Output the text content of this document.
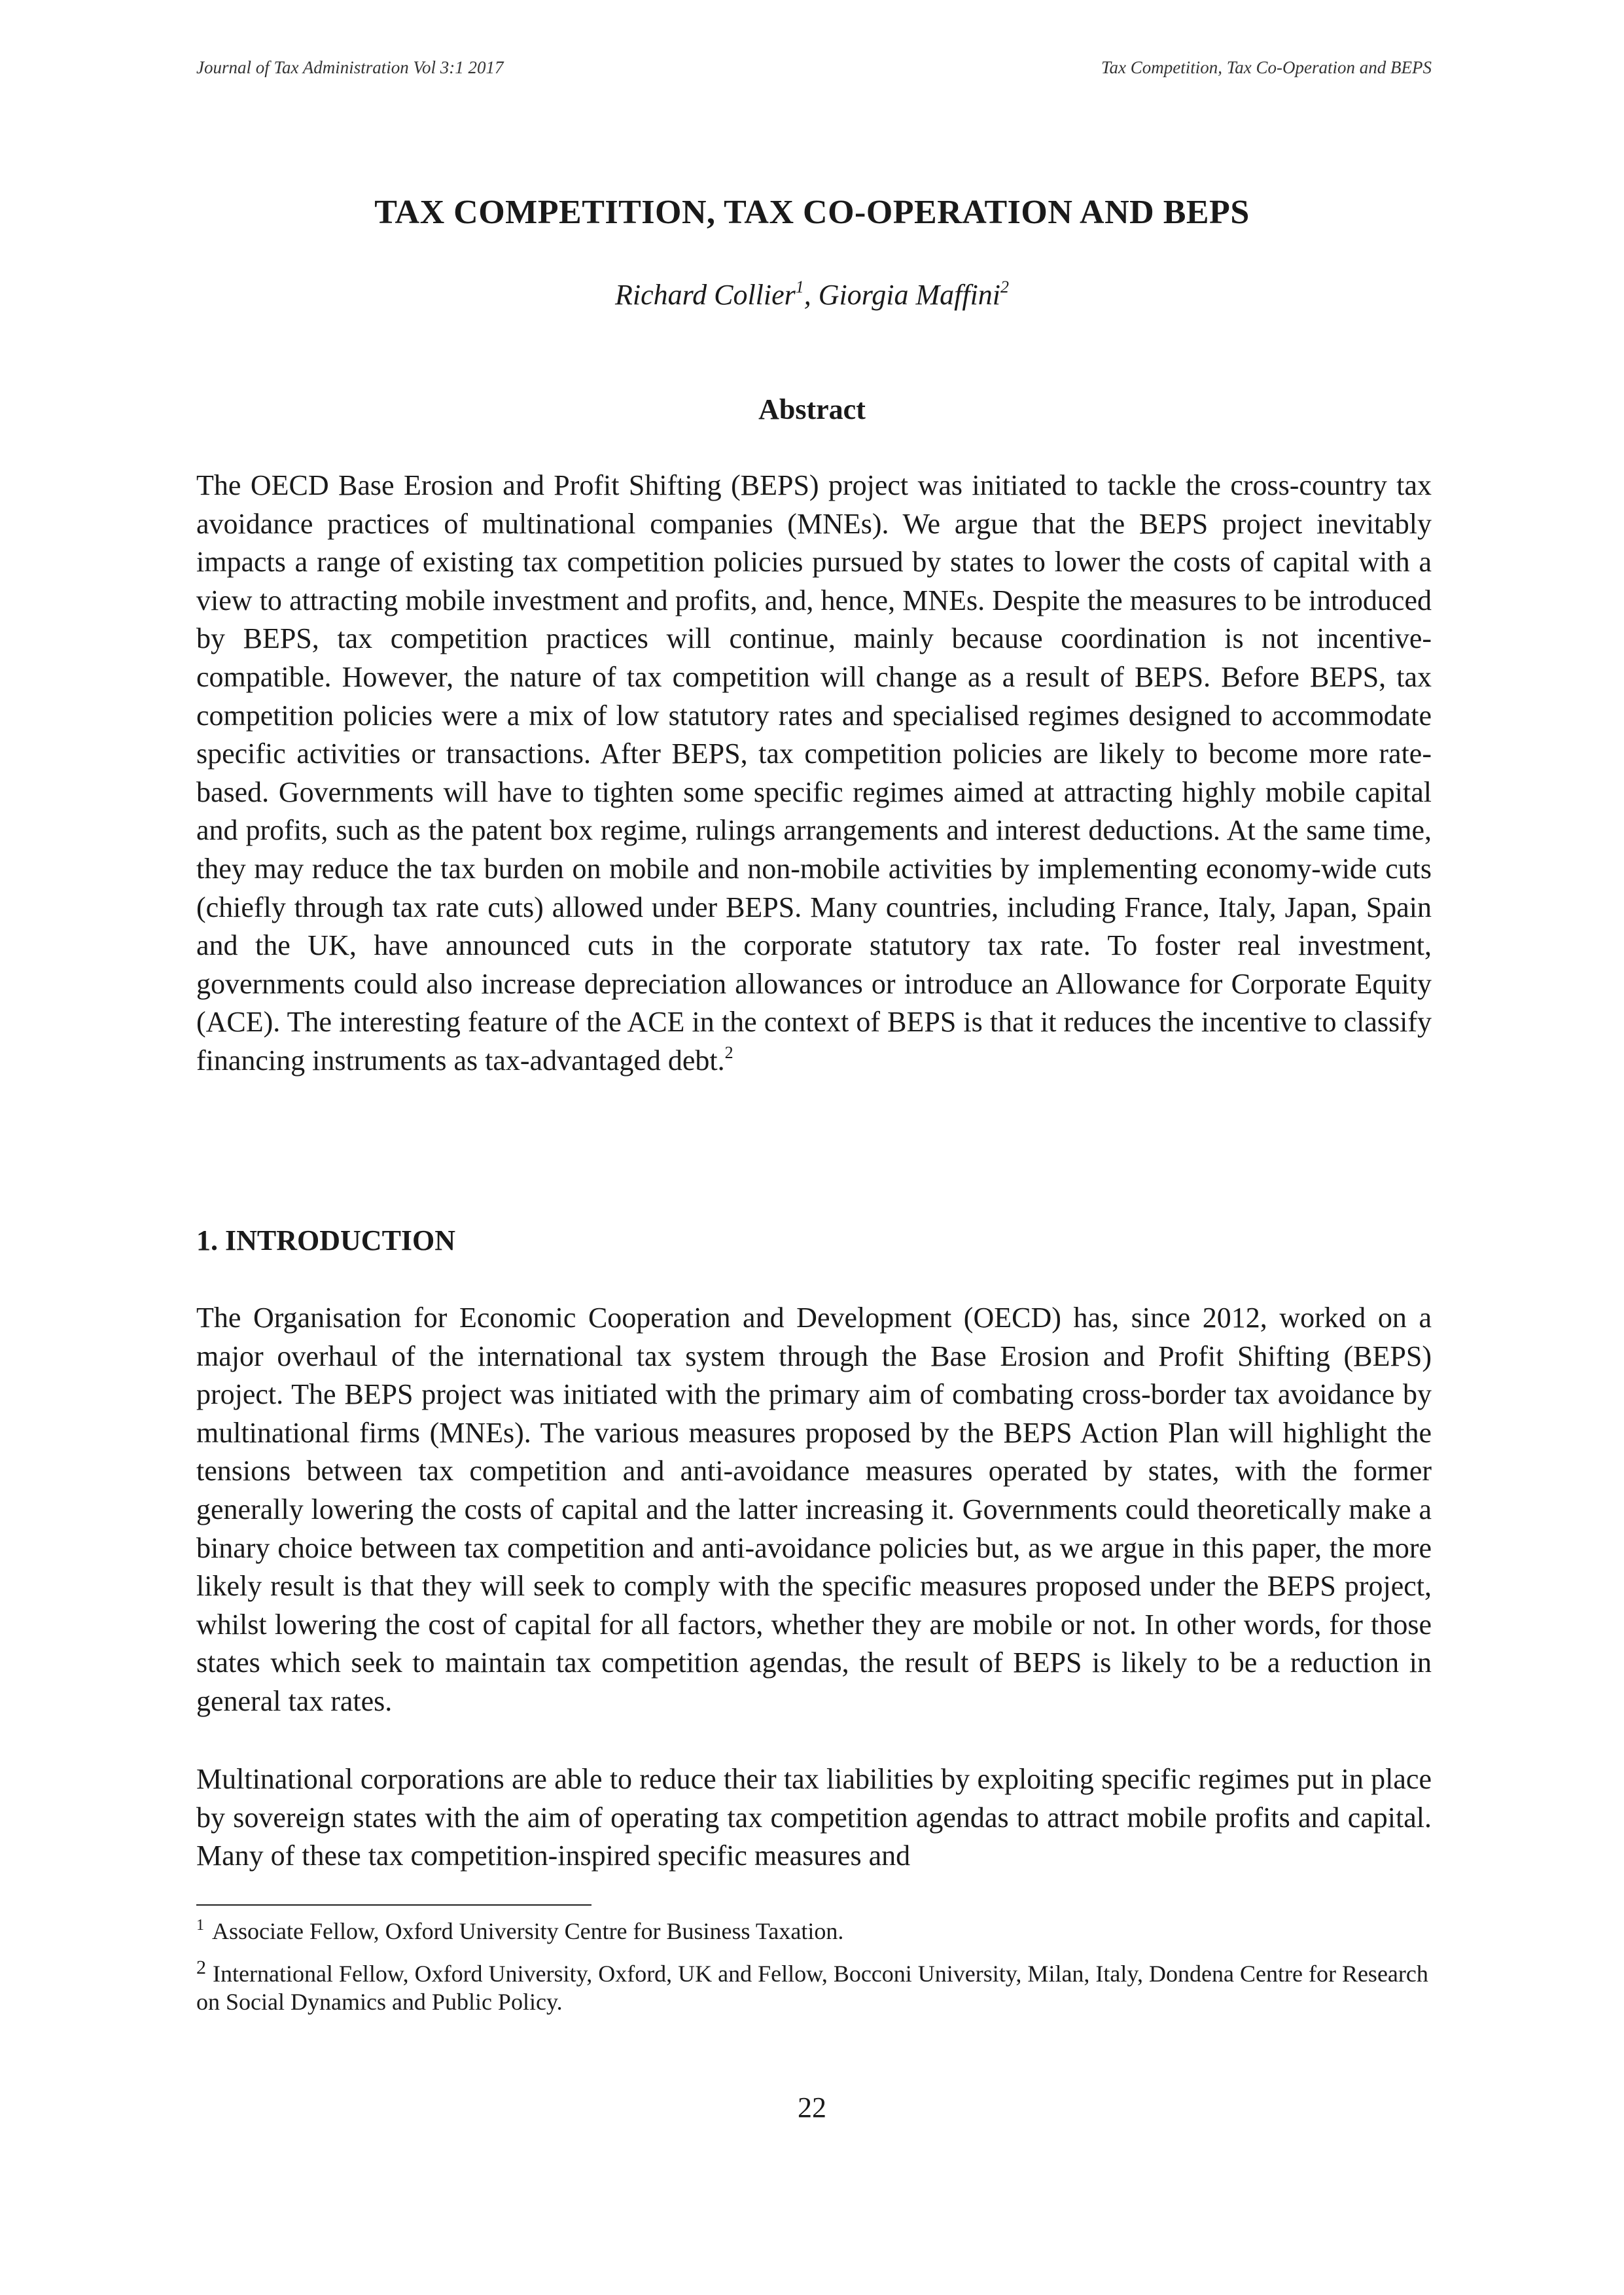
Journal of Tax Administration Vol 3:1 2017	Tax Competition, Tax Co-Operation and BEPS
TAX COMPETITION, TAX CO-OPERATION AND BEPS
Richard Collier$^1$, Giorgia Maffini$^2$
Abstract

The OECD Base Erosion and Profit Shifting (BEPS) project was initiated to tackle the cross-country tax avoidance practices of multinational companies (MNEs). We argue that the BEPS project inevitably impacts a range of existing tax competition policies pursued by states to lower the costs of capital with a view to attracting mobile investment and profits, and, hence, MNEs. Despite the measures to be introduced by BEPS, tax competition practices will continue, mainly because coordination is not incentive-compatible. However, the nature of tax competition will change as a result of BEPS. Before BEPS, tax competition policies were a mix of low statutory rates and specialised regimes designed to accommodate specific activities or transactions. After BEPS, tax competition policies are likely to become more rate-based. Governments will have to tighten some specific regimes aimed at attracting highly mobile capital and profits, such as the patent box regime, rulings arrangements and interest deductions. At the same time, they may reduce the tax burden on mobile and non-mobile activities by implementing economy-wide cuts (chiefly through tax rate cuts) allowed under BEPS. Many countries, including France, Italy, Japan, Spain and the UK, have announced cuts in the corporate statutory tax rate. To foster real investment, governments could also increase depreciation allowances or introduce an Allowance for Corporate Equity (ACE). The interesting feature of the ACE in the context of BEPS is that it reduces the incentive to classify financing instruments as tax-advantaged debt.$^2$

1. INTRODUCTION

The Organisation for Economic Cooperation and Development (OECD) has, since 2012, worked on a major overhaul of the international tax system through the Base Erosion and Profit Shifting (BEPS) project. The BEPS project was initiated with the primary aim of combating cross-border tax avoidance by multinational firms (MNEs). The various measures proposed by the BEPS Action Plan will highlight the tensions between tax competition and anti-avoidance measures operated by states, with the former generally lowering the costs of capital and the latter increasing it. Governments could theoretically make a binary choice between tax competition and anti-avoidance policies but, as we argue in this paper, the more likely result is that they will seek to comply with the specific measures proposed under the BEPS project, whilst lowering the cost of capital for all factors, whether they are mobile or not. In other words, for those states which seek to maintain tax competition agendas, the result of BEPS is likely to be a reduction in general tax rates.

Multinational corporations are able to reduce their tax liabilities by exploiting specific regimes put in place by sovereign states with the aim of operating tax competition agendas to attract mobile profits and capital. Many of these tax competition-inspired specific measures and

$^1$ Associate Fellow, Oxford University Centre for Business Taxation.

$^2$ International Fellow, Oxford University, Oxford, UK and Fellow, Bocconi University, Milan, Italy, Dondena Centre for Research on Social Dynamics and Public Policy.

22
